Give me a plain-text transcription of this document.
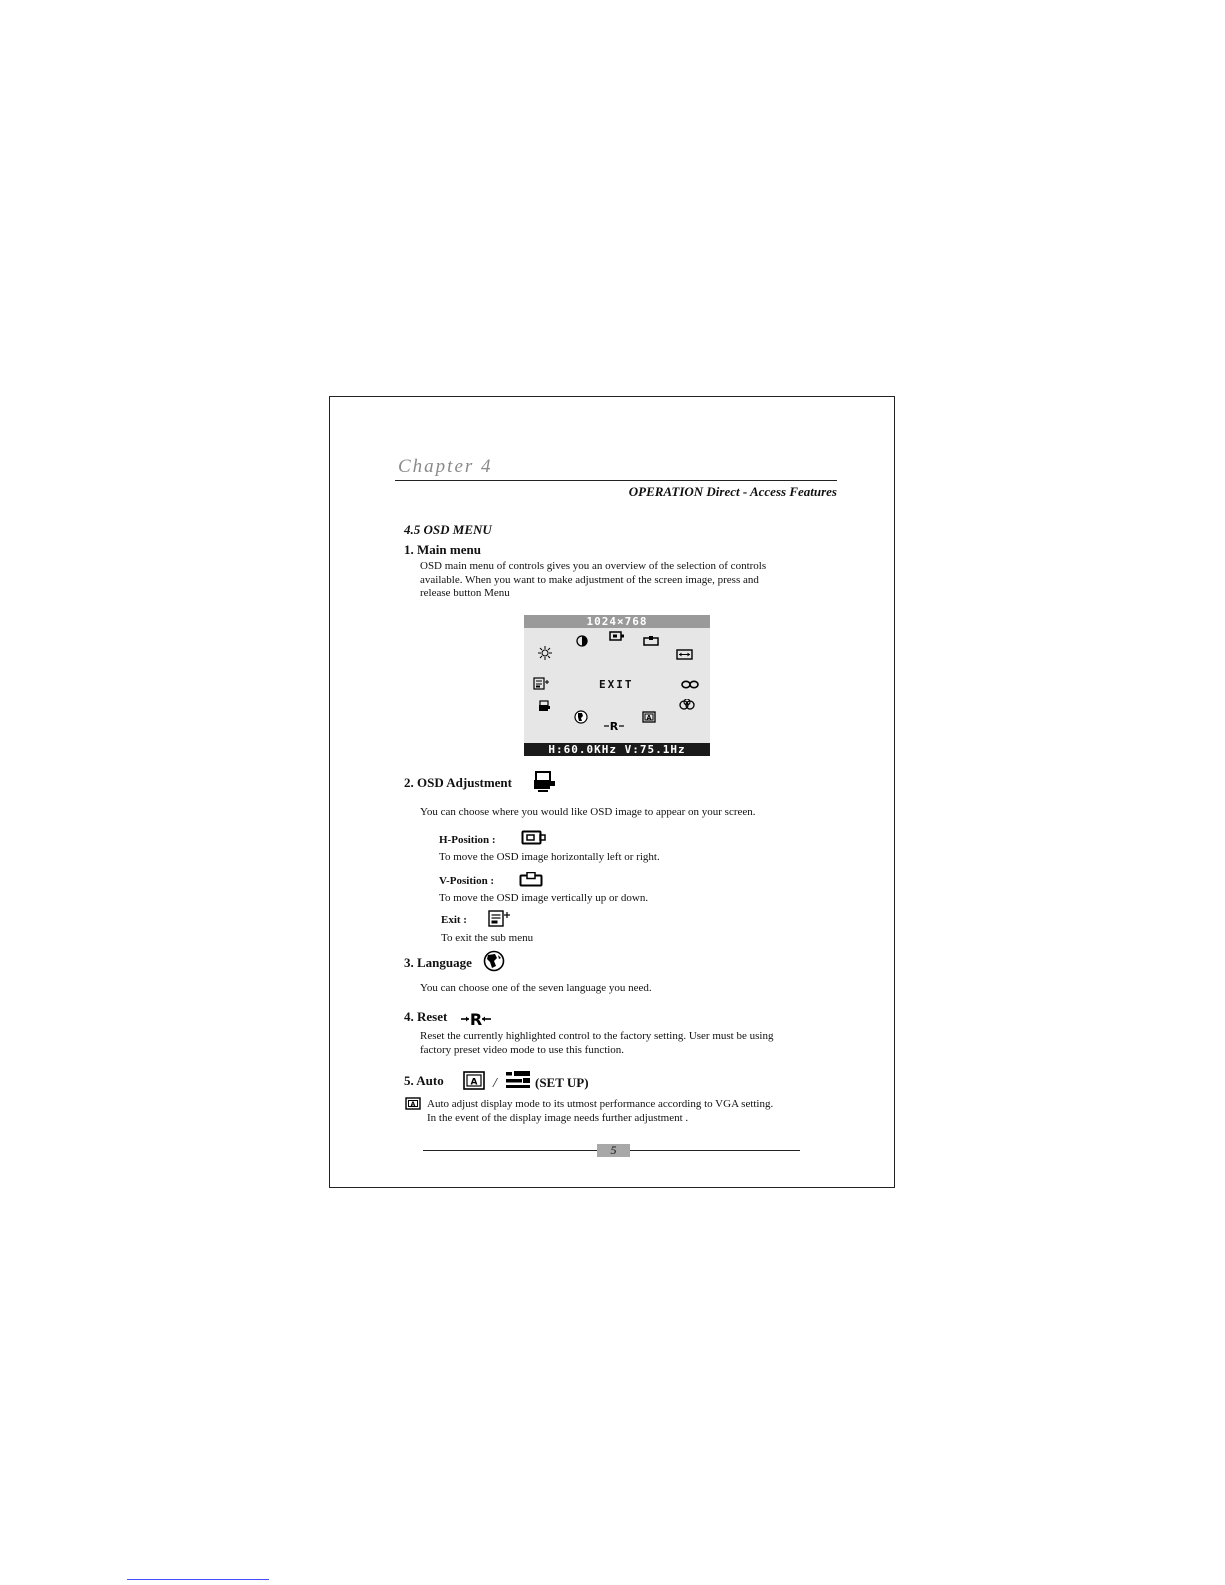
Chapter 4
OPERATION Direct - Access Features
4.5 OSD MENU
1. Main menu
OSD main menu of controls gives you an overview of the selection of controls
available. When you want to make adjustment of the screen image, press and
release button Menu
1024×768
EXIT
A
R
H:60.0KHz V:75.1Hz
2. OSD Adjustment
You can choose where you would like OSD image to appear on your screen.
H-Position :
To move the OSD image horizontally left or right.
V-Position :
To move the OSD image vertically up or down.
Exit :
To exit the sub menu
3. Language
You can choose one of the seven language you need.
4. Reset R
Reset the currently highlighted control to the factory setting. User must be using
factory preset video mode to use this function.
5. Auto	A /	(SET UP)
A Auto adjust display mode to its utmost performance according to VGA setting.
In the event of the display image needs further adjustment .
5
